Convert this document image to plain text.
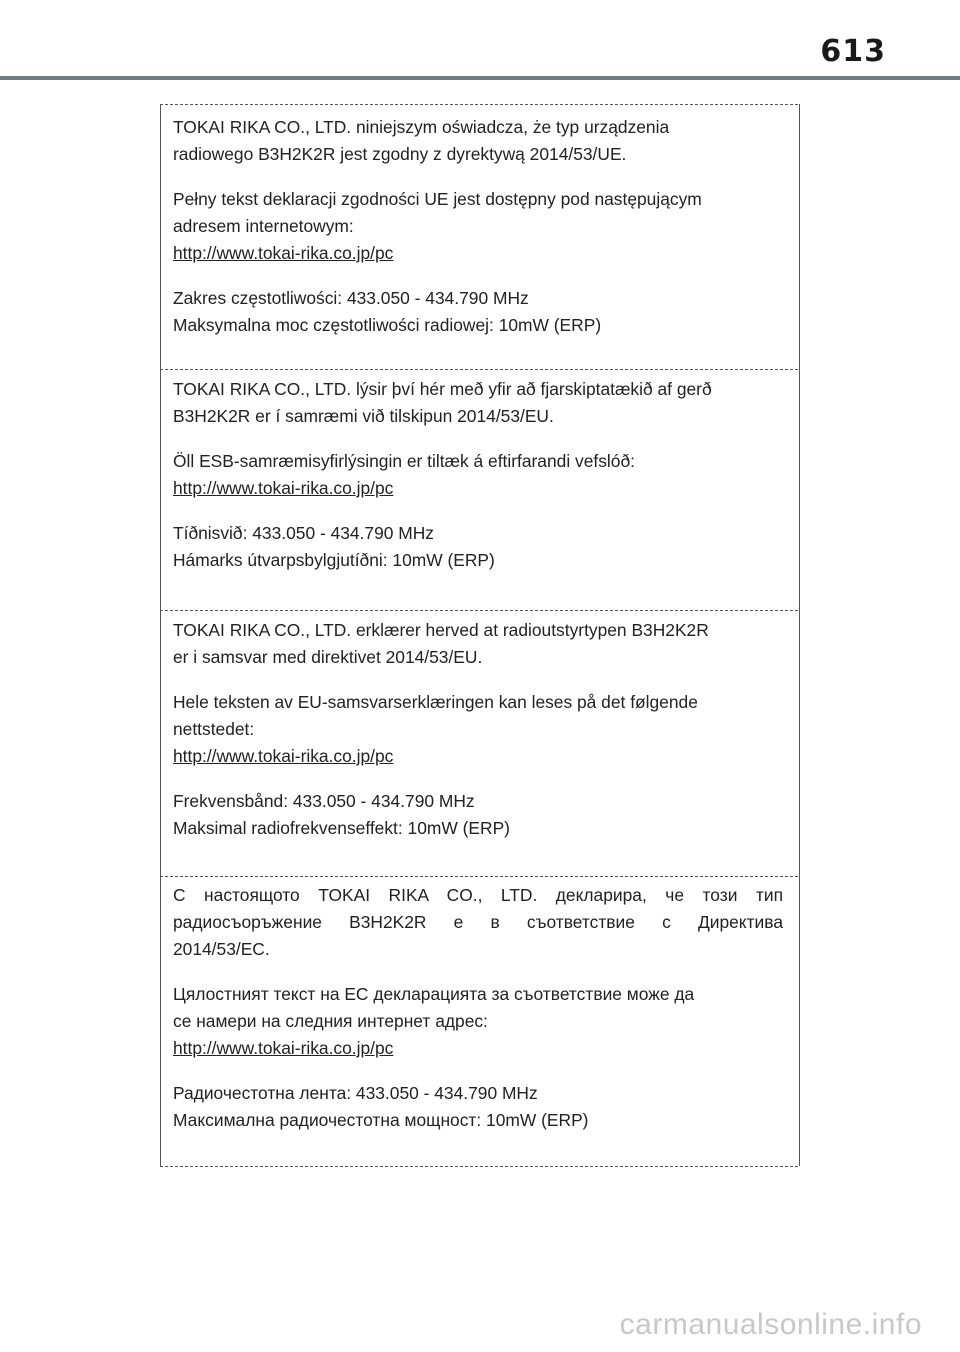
613

TOKAI RIKA CO., LTD. niniejszym oświadcza, że typ urządzenia
radiowego B3H2K2R jest zgodny z dyrektywą 2014/53/UE.

Pełny tekst deklaracji zgodności UE jest dostępny pod następującym
adresem internetowym:
http://www.tokai-rika.co.jp/pc

Zakres częstotliwości: 433.050 - 434.790 MHz
Maksymalna moc częstotliwości radiowej: 10mW (ERP)

TOKAI RIKA CO., LTD. lýsir því hér með yfir að fjarskiptatækið af gerð
B3H2K2R er í samræmi við tilskipun 2014/53/EU.

Öll ESB-samræmisyfirlýsingin er tiltæk á eftirfarandi vefslóð:
http://www.tokai-rika.co.jp/pc

Tíðnisvið: 433.050 - 434.790 MHz
Hámarks útvarpsbylgjutíðni: 10mW (ERP)

TOKAI RIKA CO., LTD. erklærer herved at radioutstyrtypen B3H2K2R
er i samsvar med direktivet 2014/53/EU.

Hele teksten av EU-samsvarserklæringen kan leses på det følgende
nettstedet:
http://www.tokai-rika.co.jp/pc

Frekvensbånd: 433.050 - 434.790 MHz
Maksimal radiofrekvenseffekt: 10mW (ERP)

С настоящото TOKAI RIKA CO., LTD. декларира, че този тип
радиосъоръжение B3H2K2R е в съответствие с Директива
2014/53/ЕС.

Цялостният текст на ЕС декларацията за съответствие може да
се намери на следния интернет адрес:
http://www.tokai-rika.co.jp/pc

Радиочестотна лента: 433.050 - 434.790 MHz
Максимална радиочестотна мощност: 10mW (ERP)

carmanualsonline.info
